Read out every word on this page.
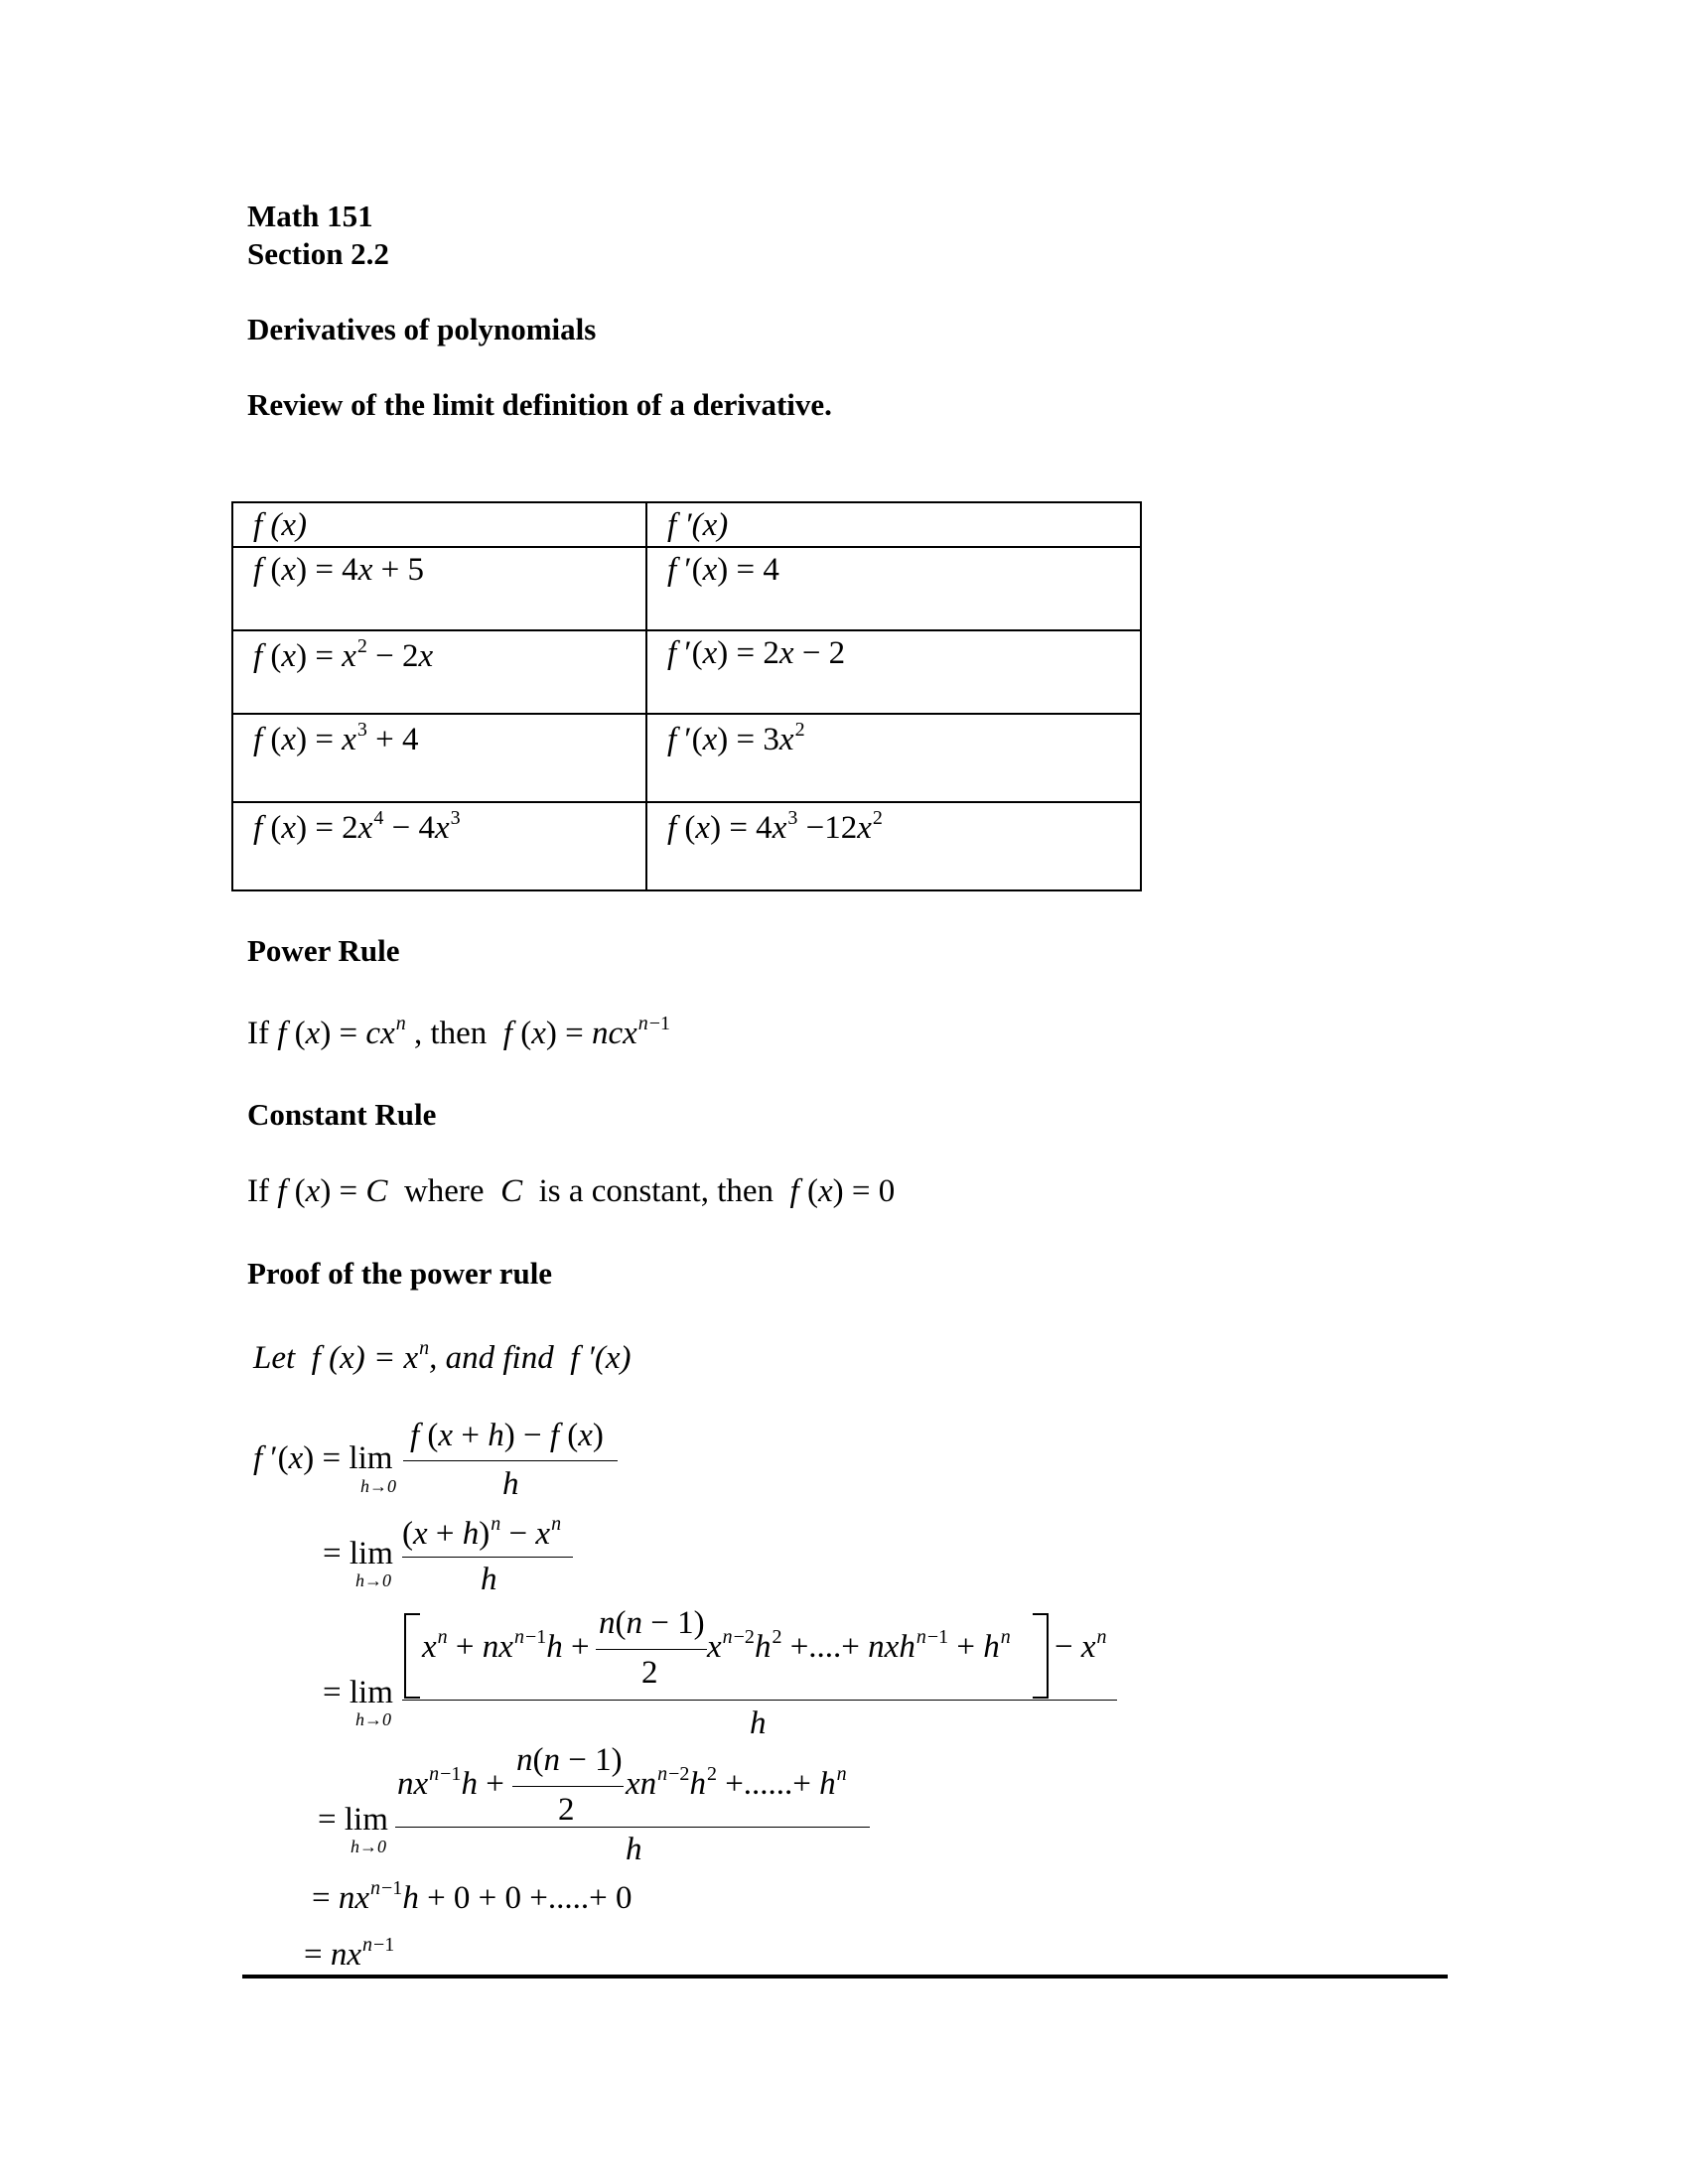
Math 151
Section 2.2
Derivatives of polynomials
Review of the limit definition of a derivative.
f (x)	f ′(x)
f (x) = 4x + 5	f ′(x) = 4
f $(x) = x^2 - 2x$	f ′(x) = 2x − 2
f $(x) = x^3 + 4$	f $'(x) = 3x^2$
f $(x) = 2x^4 - 4x^3$	f $(x) = 4x^3 -12x^2$
Power Rule
If f $(x) = cx^n$ , then  f (x) = ncx$^{n-1}$
Constant Rule
If f (x) = C  where  C  is a constant, then  f (x) = 0
Proof of the power rule
Let  f $(x) = x^n$, and find  f ′(x)
f ′(x) = lim
h→0
f (x + h) − f (x)
h
= lim
h→0
$(x + h)^n - x^n$
h
= lim
h→0
$x^n + nx^{n-1}h$ +
n(n − 1)
2
$x^{n-2}h^2$ +....+ $nxh^{n-1} + h^n - x^n$
h
= lim
h→0
$nx^{n-1}h$ +
n(n − 1)
2
$xn^{n-2}h^2$ +......+ $h^n$
h
= $nx^{n-1}h + 0 + 0$ +.....+ 0
= $nx^{n-1}$
